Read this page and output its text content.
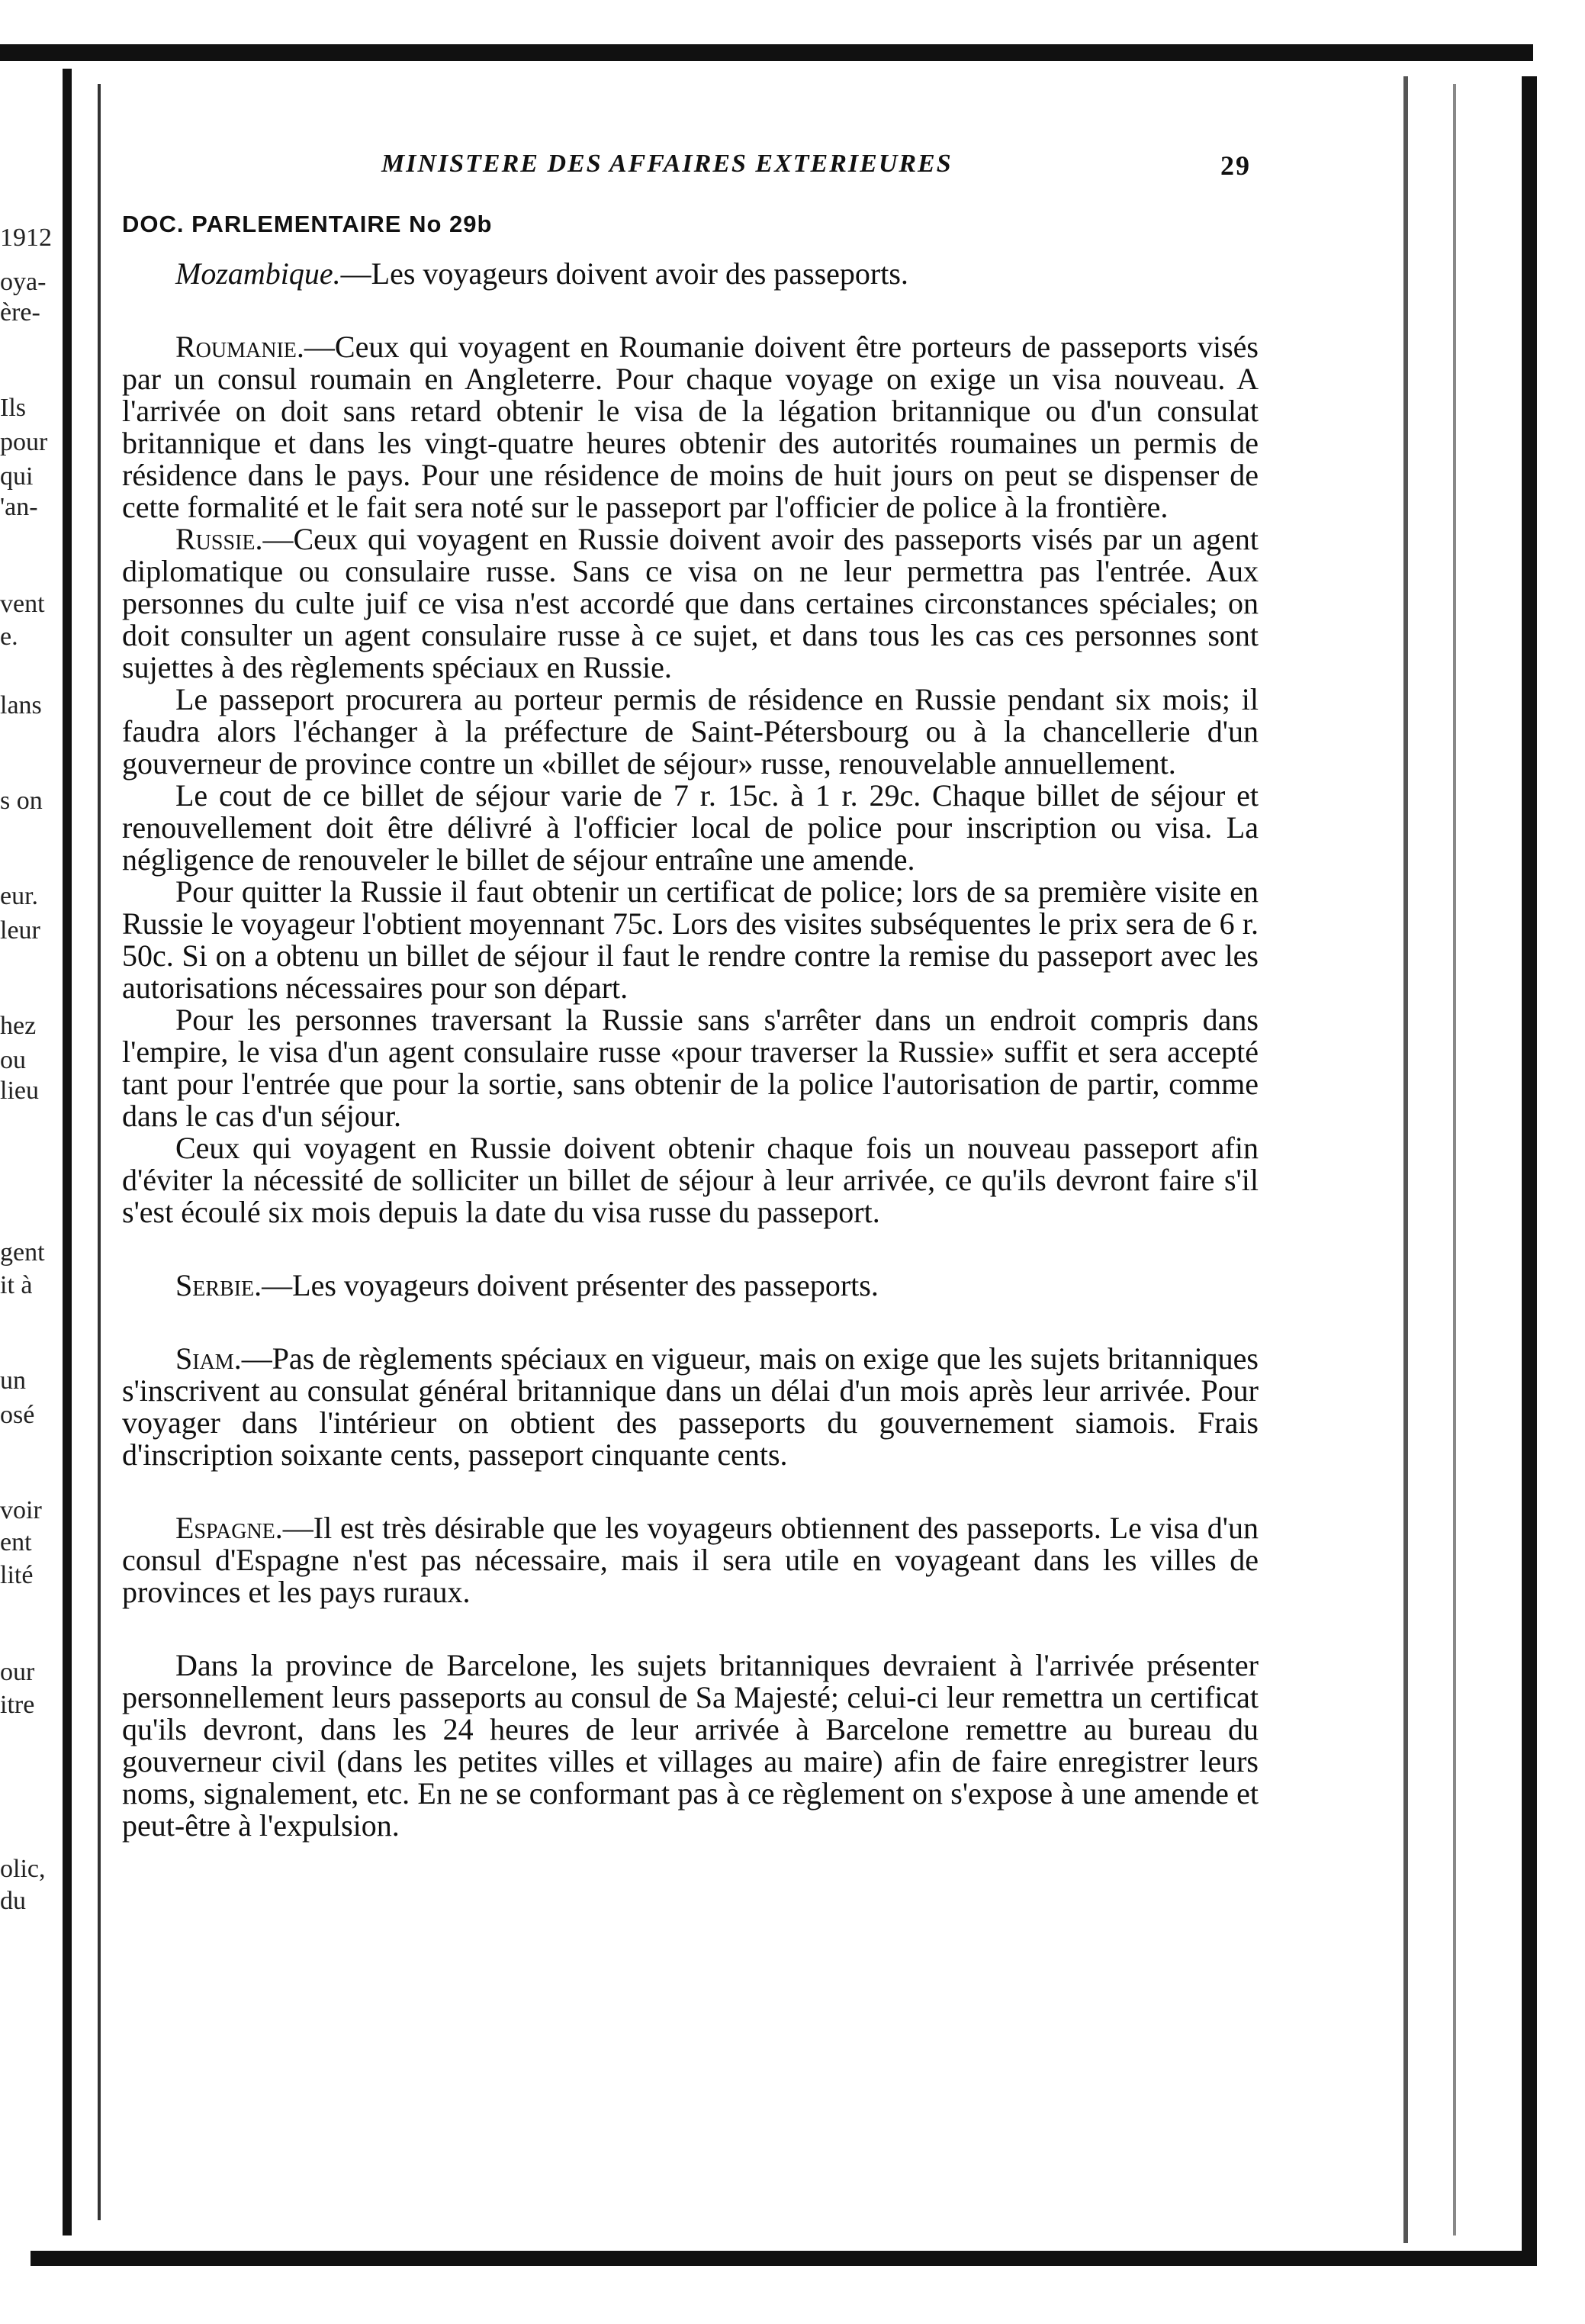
1912
oya-
ère-
Ils
pour
qui
'an-
vent
e.
lans
s on
eur.
leur
hez
ou
lieu
gent
it à
un
osé
voir
ent
lité
our
itre
olic,
du
MINISTERE DES AFFAIRES EXTERIEURES	29
DOC. PARLEMENTAIRE No 29b

Mozambique.—Les voyageurs doivent avoir des passeports.

Roumanie.—Ceux qui voyagent en Roumanie doivent être porteurs de passeports visés par un consul roumain en Angleterre. Pour chaque voyage on exige un visa nouveau. A l'arrivée on doit sans retard obtenir le visa de la légation britannique ou d'un consulat britannique et dans les vingt-quatre heures obtenir des autorités roumaines un permis de résidence dans le pays. Pour une résidence de moins de huit jours on peut se dispenser de cette formalité et le fait sera noté sur le passeport par l'officier de police à la frontière.

Russie.—Ceux qui voyagent en Russie doivent avoir des passeports visés par un agent diplomatique ou consulaire russe. Sans ce visa on ne leur permettra pas l'entrée. Aux personnes du culte juif ce visa n'est accordé que dans certaines circonstances spéciales; on doit consulter un agent consulaire russe à ce sujet, et dans tous les cas ces personnes sont sujettes à des règlements spéciaux en Russie.

Le passeport procurera au porteur permis de résidence en Russie pendant six mois; il faudra alors l'échanger à la préfecture de Saint-Pétersbourg ou à la chancellerie d'un gouverneur de province contre un «billet de séjour» russe, renouvelable annuellement.

Le cout de ce billet de séjour varie de 7 r. 15c. à 1 r. 29c. Chaque billet de séjour et renouvellement doit être délivré à l'officier local de police pour inscription ou visa. La négligence de renouveler le billet de séjour entraîne une amende.

Pour quitter la Russie il faut obtenir un certificat de police; lors de sa première visite en Russie le voyageur l'obtient moyennant 75c. Lors des visites subséquentes le prix sera de 6 r. 50c. Si on a obtenu un billet de séjour il faut le rendre contre la remise du passeport avec les autorisations nécessaires pour son départ.

Pour les personnes traversant la Russie sans s'arrêter dans un endroit compris dans l'empire, le visa d'un agent consulaire russe «pour traverser la Russie» suffit et sera accepté tant pour l'entrée que pour la sortie, sans obtenir de la police l'autorisation de partir, comme dans le cas d'un séjour.

Ceux qui voyagent en Russie doivent obtenir chaque fois un nouveau passeport afin d'éviter la nécessité de solliciter un billet de séjour à leur arrivée, ce qu'ils devront faire s'il s'est écoulé six mois depuis la date du visa russe du passeport.

Serbie.—Les voyageurs doivent présenter des passeports.

Siam.—Pas de règlements spéciaux en vigueur, mais on exige que les sujets britanniques s'inscrivent au consulat général britannique dans un délai d'un mois après leur arrivée. Pour voyager dans l'intérieur on obtient des passeports du gouvernement siamois. Frais d'inscription soixante cents, passeport cinquante cents.

Espagne.—Il est très désirable que les voyageurs obtiennent des passeports. Le visa d'un consul d'Espagne n'est pas nécessaire, mais il sera utile en voyageant dans les villes de provinces et les pays ruraux.

Dans la province de Barcelone, les sujets britanniques devraient à l'arrivée présenter personnellement leurs passeports au consul de Sa Majesté; celui-ci leur remettra un certificat qu'ils devront, dans les 24 heures de leur arrivée à Barcelone remettre au bureau du gouverneur civil (dans les petites villes et villages au maire) afin de faire enregistrer leurs noms, signalement, etc. En ne se conformant pas à ce règlement on s'expose à une amende et peut-être à l'expulsion.
